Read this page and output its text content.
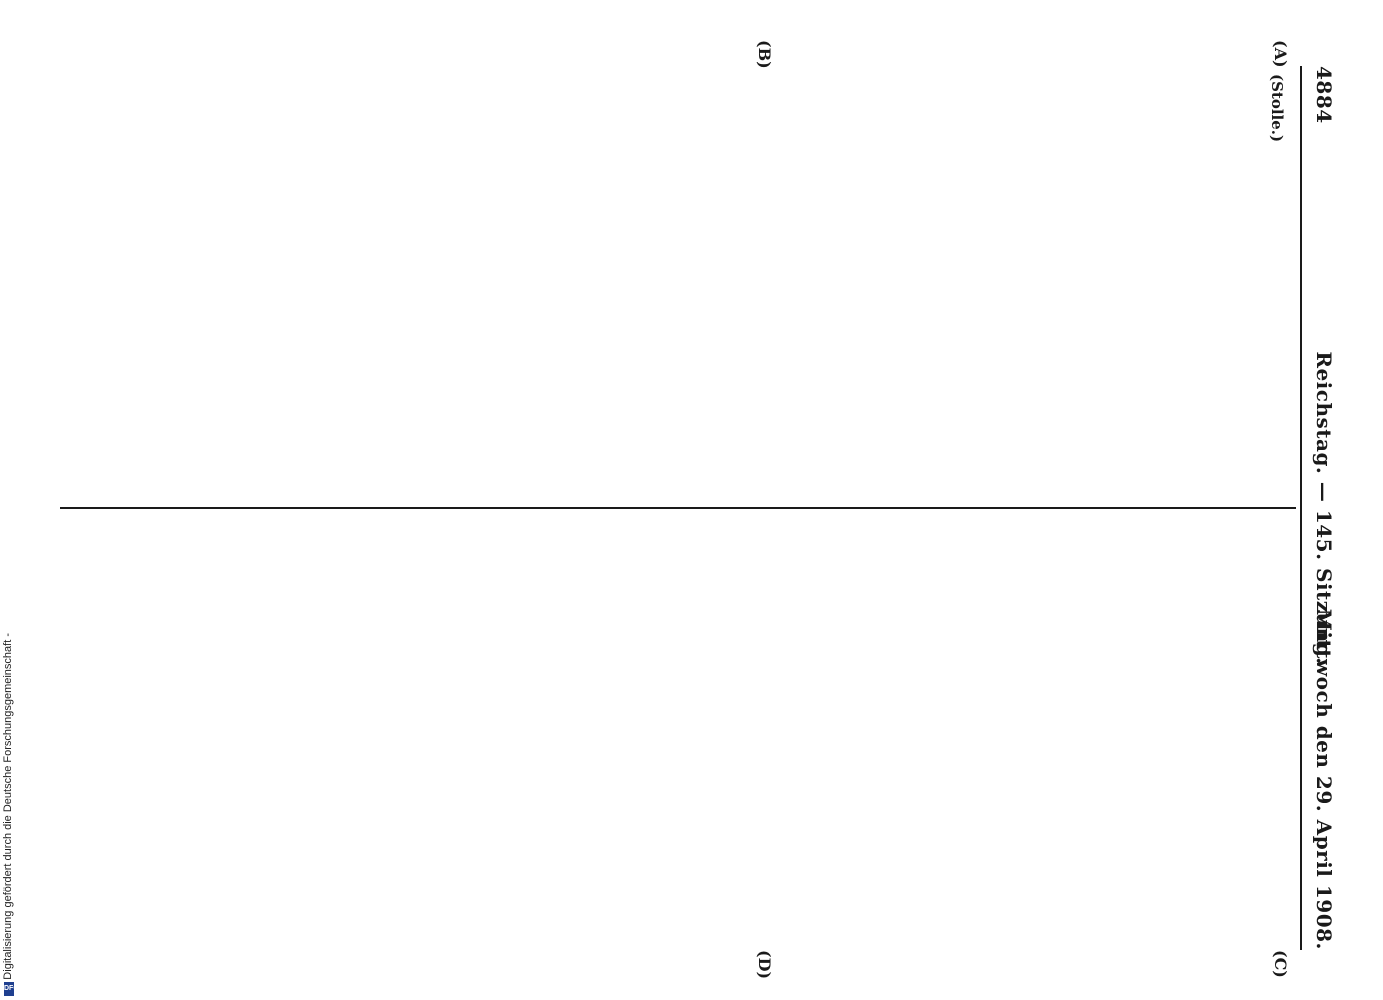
4884
Reichstag. — 145. Sitzung.
Mittwoch den 29. April 1908.
(A)
(B)
(C)
(D)
(Stolle.)
Digitalisierung gefördert durch die Deutsche Forschungsgemeinschaft -
DFG
